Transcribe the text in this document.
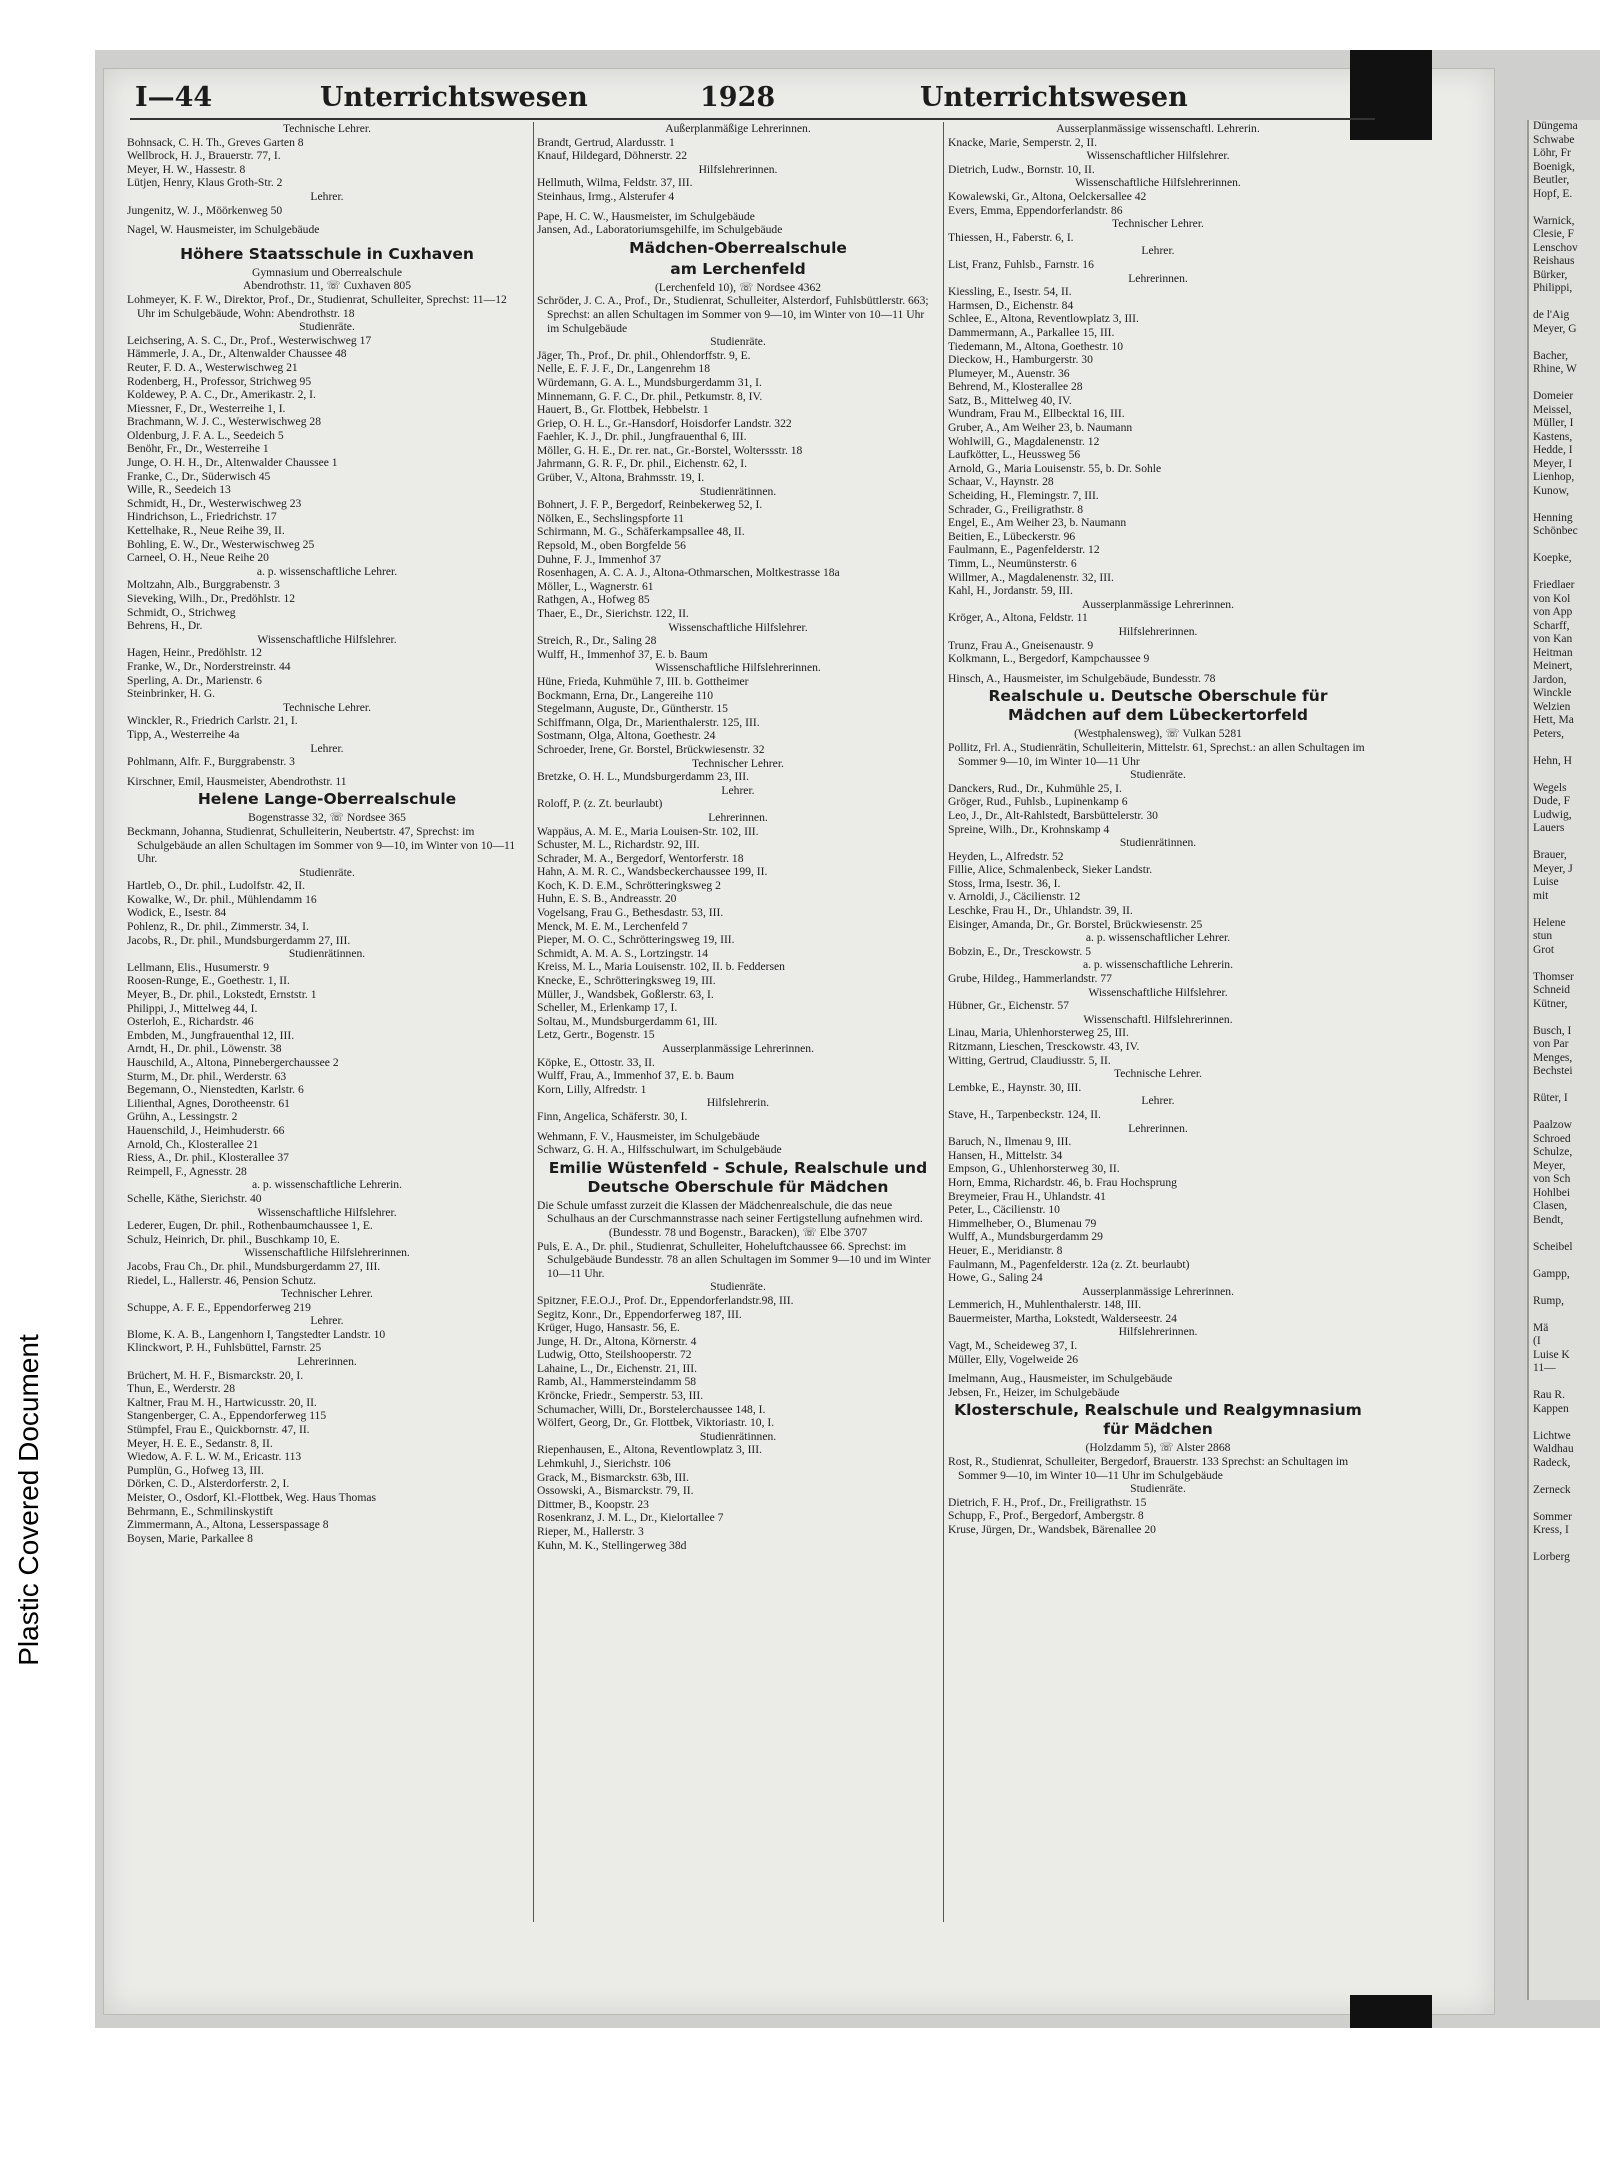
Plastic Covered Document
Düngema
Schwabe
Löhr, Fr
Boenigk,
Beutler,
Hopf, E.

Warnick,
Clesie, F
Lenschov
Reishaus
Bürker,
Philippi,

de l'Aig
Meyer, G

Bacher,
Rhine, W

Domeier
Meissel,
Müller, I
Kastens,
Hedde, I
Meyer, I
Lienhop,
Kunow,

Henning
Schönbec

Koepke,

Friedlaer
von Kol
von App
Scharff,
von Kan
Heitman
Meinert,
Jardon,
Winckle
Welzien
Hett, Ma
Peters,

Hehn, H

Wegels
Dude, F
Ludwig,
Lauers

Brauer,
Meyer, J
Luise
mit

Helene
stun
Grot

Thomser
Schneid
Kütner,

Busch, I
von Par
Menges,
Bechstei

Rüter, I

Paalzow
Schroed
Schulze,
Meyer,
von Sch
Hohlbei
Clasen,
Bendt,

Scheibel

Gampp,

Rump,

Mä
(I
Luise K
11—

Rau R.
Kappen

Lichtwe
Waldhau
Radeck,

Zerneck

Sommer
Kress, I

Lorberg
I—44	Unterrichtswesen	1928	Unterrichtswesen
Technische Lehrer.
Bohnsack, C. H. Th., Greves Garten 8
Wellbrock, H. J., Brauerstr. 77, I.
Meyer, H. W., Hassestr. 8
Lütjen, Henry, Klaus Groth-Str. 2
Lehrer.
Jungenitz, W. J., Möörkenweg 50
Nagel, W. Hausmeister, im Schulgebäude
Höhere Staatsschule in Cuxhaven
Gymnasium und Oberrealschule
Abendrothstr. 11, ☏ Cuxhaven 805
Lohmeyer, K. F. W., Direktor, Prof., Dr., Studienrat, Schulleiter, Sprechst: 11—12 Uhr im Schulgebäude, Wohn: Abendrothstr. 18
Studienräte.
Leichsering, A. S. C., Dr., Prof., Westerwischweg 17
Hämmerle, J. A., Dr., Altenwalder Chaussee 48
Reuter, F. D. A., Westerwischweg 21
Rodenberg, H., Professor, Strichweg 95
Koldewey, P. A. C., Dr., Amerikastr. 2, I.
Miessner, F., Dr., Westerreihe 1, I.
Brachmann, W. J. C., Westerwischweg 28
Oldenburg, J. F. A. L., Seedeich 5
Benöhr, Fr., Dr., Westerreihe 1
Junge, O. H. H., Dr., Altenwalder Chaussee 1
Franke, C., Dr., Süderwisch 45
Wille, R., Seedeich 13
Schmidt, H., Dr., Westerwischweg 23
Hindrichson, L., Friedrichstr. 17
Kettelhake, R., Neue Reihe 39, II.
Bohling, E. W., Dr., Westerwischweg 25
Carneel, O. H., Neue Reihe 20
a. p. wissenschaftliche Lehrer.
Moltzahn, Alb., Burggrabenstr. 3
Sieveking, Wilh., Dr., Predöhlstr. 12
Schmidt, O., Strichweg
Behrens, H., Dr.
Wissenschaftliche Hilfslehrer.
Hagen, Heinr., Predöhlstr. 12
Franke, W., Dr., Norderstreinstr. 44
Sperling, A. Dr., Marienstr. 6
Steinbrinker, H. G.
Technische Lehrer.
Winckler, R., Friedrich Carlstr. 21, I.
Tipp, A., Westerreihe 4a
Lehrer.
Pohlmann, Alfr. F., Burggrabenstr. 3
Kirschner, Emil, Hausmeister, Abendrothstr. 11
Helene Lange-Oberrealschule
Bogenstrasse 32, ☏ Nordsee 365
Beckmann, Johanna, Studienrat, Schulleiterin, Neubertstr. 47, Sprechst: im Schulgebäude an allen Schultagen im Sommer von 9—10, im Winter von 10—11 Uhr.
Studienräte.
Hartleb, O., Dr. phil., Ludolfstr. 42, II.
Kowalke, W., Dr. phil., Mühlendamm 16
Wodick, E., Isestr. 84
Pohlenz, R., Dr. phil., Zimmerstr. 34, I.
Jacobs, R., Dr. phil., Mundsburgerdamm 27, III.
Studienrätinnen.
Lellmann, Elis., Husumerstr. 9
Roosen-Runge, E., Goethestr. 1, II.
Meyer, B., Dr. phil., Lokstedt, Ernststr. 1
Philippi, J., Mittelweg 44, I.
Osterloh, E., Richardstr. 46
Embden, M., Jungfrauenthal 12, III.
Arndt, H., Dr. phil., Löwenstr. 38
Hauschild, A., Altona, Pinnebergerchaussee 2
Sturm, M., Dr. phil., Werderstr. 63
Begemann, O., Nienstedten, Karlstr. 6
Lilienthal, Agnes, Dorotheenstr. 61
Grühn, A., Lessingstr. 2
Hauenschild, J., Heimhuderstr. 66
Arnold, Ch., Klosterallee 21
Riess, A., Dr. phil., Klosterallee 37
Reimpell, F., Agnesstr. 28
a. p. wissenschaftliche Lehrerin.
Schelle, Käthe, Sierichstr. 40
Wissenschaftliche Hilfslehrer.
Lederer, Eugen, Dr. phil., Rothenbaumchaussee 1, E.
Schulz, Heinrich, Dr. phil., Buschkamp 10, E.
Wissenschaftliche Hilfslehrerinnen.
Jacobs, Frau Ch., Dr. phil., Mundsburgerdamm 27, III.
Riedel, L., Hallerstr. 46, Pension Schutz.
Technischer Lehrer.
Schuppe, A. F. E., Eppendorferweg 219
Lehrer.
Blome, K. A. B., Langenhorn I, Tangstedter Landstr. 10
Klinckwort, P. H., Fuhlsbüttel, Farnstr. 25
Lehrerinnen.
Brüchert, M. H. F., Bismarckstr. 20, I.
Thun, E., Werderstr. 28
Kaltner, Frau M. H., Hartwicusstr. 20, II.
Stangenberger, C. A., Eppendorferweg 115
Stümpfel, Frau E., Quickbornstr. 47, II.
Meyer, H. E. E., Sedanstr. 8, II.
Wiedow, A. F. L. W. M., Ericastr. 113
Pumplün, G., Hofweg 13, III.
Dörken, C. D., Alsterdorferstr. 2, I.
Meister, O., Osdorf, Kl.-Flottbek, Weg. Haus Thomas
Behrmann, E., Schmilinskystift
Zimmermann, A., Altona, Lesserspassage 8
Boysen, Marie, Parkallee 8
Außerplanmäßige Lehrerinnen.
Brandt, Gertrud, Alardusstr. 1
Knauf, Hildegard, Döhnerstr. 22
Hilfslehrerinnen.
Hellmuth, Wilma, Feldstr. 37, III.
Steinhaus, Irmg., Alsterufer 4
Pape, H. C. W., Hausmeister, im Schulgebäude
Jansen, Ad., Laboratoriumsgehilfe, im Schulgebäude
Mädchen-Oberrealschule
am Lerchenfeld
(Lerchenfeld 10), ☏ Nordsee 4362
Schröder, J. C. A., Prof., Dr., Studienrat, Schulleiter, Alsterdorf, Fuhlsbüttlerstr. 663; Sprechst: an allen Schultagen im Sommer von 9—10, im Winter von 10—11 Uhr im Schulgebäude
Studienräte.
Jäger, Th., Prof., Dr. phil., Ohlendorffstr. 9, E.
Nelle, E. F. J. F., Dr., Langenrehm 18
Würdemann, G. A. L., Mundsburgerdamm 31, I.
Minnemann, G. F. C., Dr. phil., Petkumstr. 8, IV.
Hauert, B., Gr. Flottbek, Hebbelstr. 1
Griep, O. H. L., Gr.-Hansdorf, Hoisdorfer Landstr. 322
Faehler, K. J., Dr. phil., Jungfrauenthal 6, III.
Möller, G. H. E., Dr. rer. nat., Gr.-Borstel, Wolterssstr. 18
Jahrmann, G. R. F., Dr. phil., Eichenstr. 62, I.
Grüber, V., Altona, Brahmsstr. 19, I.
Studienrätinnen.
Bohnert, J. F. P., Bergedorf, Reinbekerweg 52, I.
Nölken, E., Sechslingspforte 11
Schirmann, M. G., Schäferkampsallee 48, II.
Repsold, M., oben Borgfelde 56
Duhne, F. J., Immenhof 37
Rosenhagen, A. C. A. J., Altona-Othmarschen, Moltkestrasse 18a
Möller, L., Wagnerstr. 61
Rathgen, A., Hofweg 85
Thaer, E., Dr., Sierichstr. 122, II.
Wissenschaftliche Hilfslehrer.
Streich, R., Dr., Saling 28
Wulff, H., Immenhof 37, E. b. Baum
Wissenschaftliche Hilfslehrerinnen.
Hüne, Frieda, Kuhmühle 7, III. b. Gottheimer
Bockmann, Erna, Dr., Langereihe 110
Stegelmann, Auguste, Dr., Güntherstr. 15
Schiffmann, Olga, Dr., Marienthalerstr. 125, III.
Sostmann, Olga, Altona, Goethestr. 24
Schroeder, Irene, Gr. Borstel, Brückwiesenstr. 32
Technischer Lehrer.
Bretzke, O. H. L., Mundsburgerdamm 23, III.
Lehrer.
Roloff, P. (z. Zt. beurlaubt)
Lehrerinnen.
Wappäus, A. M. E., Maria Louisen-Str. 102, III.
Schuster, M. L., Richardstr. 92, III.
Schrader, M. A., Bergedorf, Wentorferstr. 18
Hahn, A. M. R. C., Wandsbeckerchaussee 199, II.
Koch, K. D. E.M., Schrötteringksweg 2
Huhn, E. S. B., Andreasstr. 20
Vogelsang, Frau G., Bethesdastr. 53, III.
Menck, M. E. M., Lerchenfeld 7
Pieper, M. O. C., Schrötteringsweg 19, III.
Schmidt, A. M. A. S., Lortzingstr. 14
Kreiss, M. L., Maria Louisenstr. 102, II. b. Feddersen
Knecke, E., Schrötteringksweg 19, III.
Müller, J., Wandsbek, Goßlerstr. 63, I.
Scheller, M., Erlenkamp 17, I.
Soltau, M., Mundsburgerdamm 61, III.
Letz, Gertr., Bogenstr. 15
Ausserplanmässige Lehrerinnen.
Köpke, E., Ottostr. 33, II.
Wulff, Frau, A., Immenhof 37, E. b. Baum
Korn, Lilly, Alfredstr. 1
Hilfslehrerin.
Finn, Angelica, Schäferstr. 30, I.
Wehmann, F. V., Hausmeister, im Schulgebäude
Schwarz, G. H. A., Hilfsschulwart, im Schulgebäude
Emilie Wüstenfeld - Schule, Realschule und Deutsche Oberschule für Mädchen
Die Schule umfasst zurzeit die Klassen der Mädchenrealschule, die das neue Schulhaus an der Curschmannstrasse nach seiner Fertigstellung aufnehmen wird.
(Bundesstr. 78 und Bogenstr., Baracken), ☏ Elbe 3707
Puls, E. A., Dr. phil., Studienrat, Schulleiter, Hoheluftchaussee 66. Sprechst: im Schulgebäude Bundesstr. 78 an allen Schultagen im Sommer 9—10 und im Winter 10—11 Uhr.
Studienräte.
Spitzner, F.E.O.J., Prof. Dr., Eppendorferlandstr.98, III.
Segitz, Konr., Dr., Eppendorferweg 187, III.
Krüger, Hugo, Hansastr. 56, E.
Junge, H. Dr., Altona, Körnerstr. 4
Ludwig, Otto, Steilshooperstr. 72
Lahaine, L., Dr., Eichenstr. 21, III.
Ramb, Al., Hammersteindamm 58
Kröncke, Friedr., Semperstr. 53, III.
Schumacher, Willi, Dr., Borstelerchaussee 148, I.
Wölfert, Georg, Dr., Gr. Flottbek, Viktoriastr. 10, I.
Studienrätinnen.
Riepenhausen, E., Altona, Reventlowplatz 3, III.
Lehmkuhl, J., Sierichstr. 106
Grack, M., Bismarckstr. 63b, III.
Ossowski, A., Bismarckstr. 79, II.
Dittmer, B., Koopstr. 23
Rosenkranz, J. M. L., Dr., Kielortallee 7
Rieper, M., Hallerstr. 3
Kuhn, M. K., Stellingerweg 38d
Ausserplanmässige wissenschaftl. Lehrerin.
Knacke, Marie, Semperstr. 2, II.
Wissenschaftlicher Hilfslehrer.
Dietrich, Ludw., Bornstr. 10, II.
Wissenschaftliche Hilfslehrerinnen.
Kowalewski, Gr., Altona, Oelckersallee 42
Evers, Emma, Eppendorferlandstr. 86
Technischer Lehrer.
Thiessen, H., Faberstr. 6, I.
Lehrer.
List, Franz, Fuhlsb., Farnstr. 16
Lehrerinnen.
Kiessling, E., Isestr. 54, II.
Harmsen, D., Eichenstr. 84
Schlee, E., Altona, Reventlowplatz 3, III.
Dammermann, A., Parkallee 15, III.
Tiedemann, M., Altona, Goethestr. 10
Dieckow, H., Hamburgerstr. 30
Plumeyer, M., Auenstr. 36
Behrend, M., Klosterallee 28
Satz, B., Mittelweg 40, IV.
Wundram, Frau M., Ellbecktal 16, III.
Gruber, A., Am Weiher 23, b. Naumann
Wohlwill, G., Magdalenenstr. 12
Laufkötter, L., Heussweg 56
Arnold, G., Maria Louisenstr. 55, b. Dr. Sohle
Schaar, V., Haynstr. 28
Scheiding, H., Flemingstr. 7, III.
Schrader, G., Freiligrathstr. 8
Engel, E., Am Weiher 23, b. Naumann
Beitien, E., Lübeckerstr. 96
Faulmann, E., Pagenfelderstr. 12
Timm, L., Neumünsterstr. 6
Willmer, A., Magdalenenstr. 32, III.
Kahl, H., Jordanstr. 59, III.
Ausserplanmässige Lehrerinnen.
Kröger, A., Altona, Feldstr. 11
Hilfslehrerinnen.
Trunz, Frau A., Gneisenaustr. 9
Kolkmann, L., Bergedorf, Kampchaussee 9
Hinsch, A., Hausmeister, im Schulgebäude, Bundesstr. 78
Realschule u. Deutsche Oberschule für Mädchen auf dem Lübeckertorfeld
(Westphalensweg), ☏ Vulkan 5281
Pollitz, Frl. A., Studienrätin, Schulleiterin, Mittelstr. 61, Sprechst.: an allen Schultagen im Sommer 9—10, im Winter 10—11 Uhr
Studienräte.
Danckers, Rud., Dr., Kuhmühle 25, I.
Gröger, Rud., Fuhlsb., Lupinenkamp 6
Leo, J., Dr., Alt-Rahlstedt, Barsbüttelerstr. 30
Spreine, Wilh., Dr., Krohnskamp 4
Studienrätinnen.
Heyden, L., Alfredstr. 52
Fillie, Alice, Schmalenbeck, Sieker Landstr.
Stoss, Irma, Isestr. 36, I.
v. Arnoldi, J., Cäcilienstr. 12
Leschke, Frau H., Dr., Uhlandstr. 39, II.
Eisinger, Amanda, Dr., Gr. Borstel, Brückwiesenstr. 25
a. p. wissenschaftlicher Lehrer.
Bobzin, E., Dr., Tresckowstr. 5
a. p. wissenschaftliche Lehrerin.
Grube, Hildeg., Hammerlandstr. 77
Wissenschaftliche Hilfslehrer.
Hübner, Gr., Eichenstr. 57
Wissenschaftl. Hilfslehrerinnen.
Linau, Maria, Uhlenhorsterweg 25, III.
Ritzmann, Lieschen, Tresckowstr. 43, IV.
Witting, Gertrud, Claudiusstr. 5, II.
Technische Lehrer.
Lembke, E., Haynstr. 30, III.
Lehrer.
Stave, H., Tarpenbeckstr. 124, II.
Lehrerinnen.
Baruch, N., Ilmenau 9, III.
Hansen, H., Mittelstr. 34
Empson, G., Uhlenhorsterweg 30, II.
Horn, Emma, Richardstr. 46, b. Frau Hochsprung
Breymeier, Frau H., Uhlandstr. 41
Peter, L., Cäcilienstr. 10
Himmelheber, O., Blumenau 79
Wulff, A., Mundsburgerdamm 29
Heuer, E., Meridianstr. 8
Faulmann, M., Pagenfelderstr. 12a (z. Zt. beurlaubt)
Howe, G., Saling 24
Ausserplanmässige Lehrerinnen.
Lemmerich, H., Muhlenthalerstr. 148, III.
Bauermeister, Martha, Lokstedt, Walderseestr. 24
Hilfslehrerinnen.
Vagt, M., Scheideweg 37, I.
Müller, Elly, Vogelweide 26
Imelmann, Aug., Hausmeister, im Schulgebäude
Jebsen, Fr., Heizer, im Schulgebäude
Klosterschule, Realschule und Realgymnasium für Mädchen
(Holzdamm 5), ☏ Alster 2868
Rost, R., Studienrat, Schulleiter, Bergedorf, Brauerstr. 133 Sprechst: an Schultagen im Sommer 9—10, im Winter 10—11 Uhr im Schulgebäude
Studienräte.
Dietrich, F. H., Prof., Dr., Freiligrathstr. 15
Schupp, F., Prof., Bergedorf, Ambergstr. 8
Kruse, Jürgen, Dr., Wandsbek, Bärenallee 20
